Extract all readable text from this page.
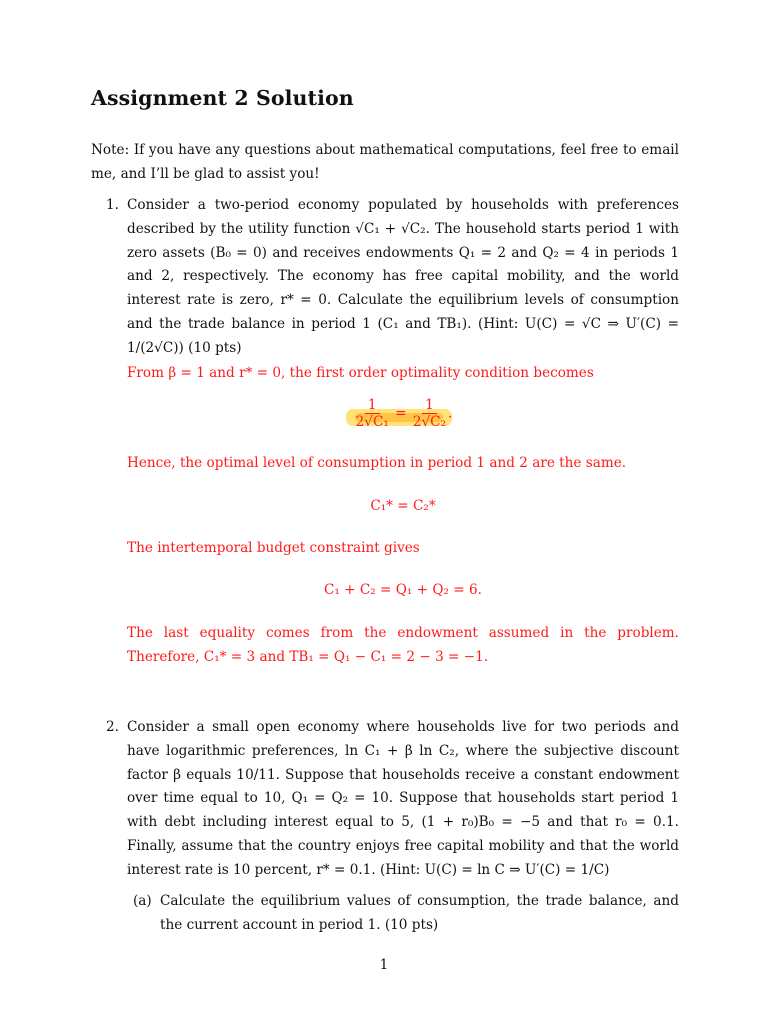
Assignment 2 Solution
Note: If you have any questions about mathematical computations, feel free to email me, and I’ll be glad to assist you!
1. Consider a two-period economy populated by households with preferences described by the utility function √C₁ + √C₂. The household starts period 1 with zero assets (B₀ = 0) and receives endowments Q₁ = 2 and Q₂ = 4 in periods 1 and 2, respectively. The economy has free capital mobility, and the world interest rate is zero, r* = 0. Calculate the equilibrium levels of consumption and the trade balance in period 1 (C₁ and TB₁). (Hint: U(C) = √C ⇒ U′(C) = 1/(2√C)) (10 pts)
From β = 1 and r* = 0, the first order optimality condition becomes
$\frac{1}{\text{2√C₁}} = \frac{1}{\text{2√C₂}}$ .
Hence, the optimal level of consumption in period 1 and 2 are the same.
C₁* = C₂*
The intertemporal budget constraint gives
C₁ + C₂ = Q₁ + Q₂ = 6.
The last equality comes from the endowment assumed in the problem. Therefore, C₁* = 3 and TB₁ = Q₁ − C₁ = 2 − 3 = −1.
2. Consider a small open economy where households live for two periods and have logarithmic preferences, ln C₁ + β ln C₂, where the subjective discount factor β equals 10/11. Suppose that households receive a constant endowment over time equal to 10, Q₁ = Q₂ = 10. Suppose that households start period 1 with debt including interest equal to 5, (1 + r₀)B₀ = −5 and that r₀ = 0.1. Finally, assume that the country enjoys free capital mobility and that the world interest rate is 10 percent, r* = 0.1. (Hint: U(C) = ln C ⇒ U′(C) = 1/C)
(a) Calculate the equilibrium values of consumption, the trade balance, and the current account in period 1. (10 pts)
1
